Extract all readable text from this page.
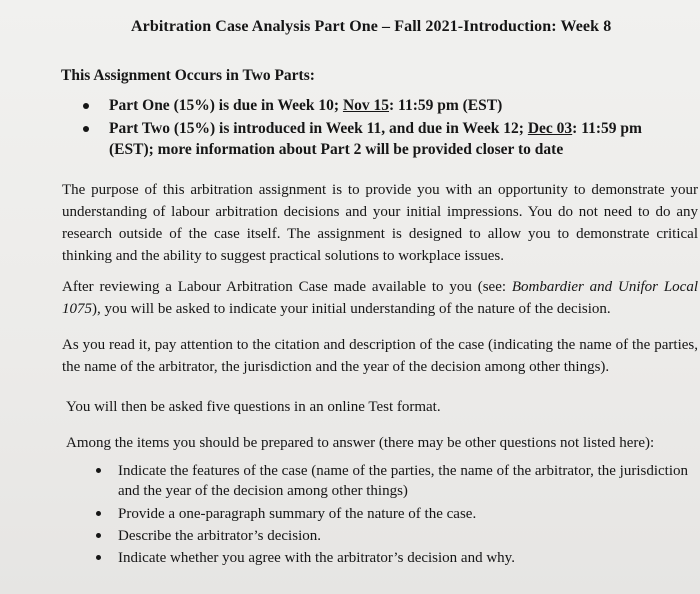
Arbitration Case Analysis Part One – Fall 2021-Introduction: Week 8
This Assignment Occurs in Two Parts:
Part One (15%) is due in Week 10; Nov 15: 11:59 pm (EST)
Part Two (15%) is introduced in Week 11, and due in Week 12; Dec 03: 11:59 pm (EST); more information about Part 2 will be provided closer to date

The purpose of this arbitration assignment is to provide you with an opportunity to demonstrate your understanding of labour arbitration decisions and your initial impressions. You do not need to do any research outside of the case itself. The assignment is designed to allow you to demonstrate critical thinking and the ability to suggest practical solutions to workplace issues.

After reviewing a Labour Arbitration Case made available to you (see: Bombardier and Unifor Local 1075), you will be asked to indicate your initial understanding of the nature of the decision.

As you read it, pay attention to the citation and description of the case (indicating the name of the parties, the name of the arbitrator, the jurisdiction and the year of the decision among other things).

You will then be asked five questions in an online Test format.

Among the items you should be prepared to answer (there may be other questions not listed here):

Indicate the features of the case (name of the parties, the name of the arbitrator, the jurisdiction and the year of the decision among other things)
Provide a one-paragraph summary of the nature of the case.
Describe the arbitrator’s decision.
Indicate whether you agree with the arbitrator’s decision and why.
